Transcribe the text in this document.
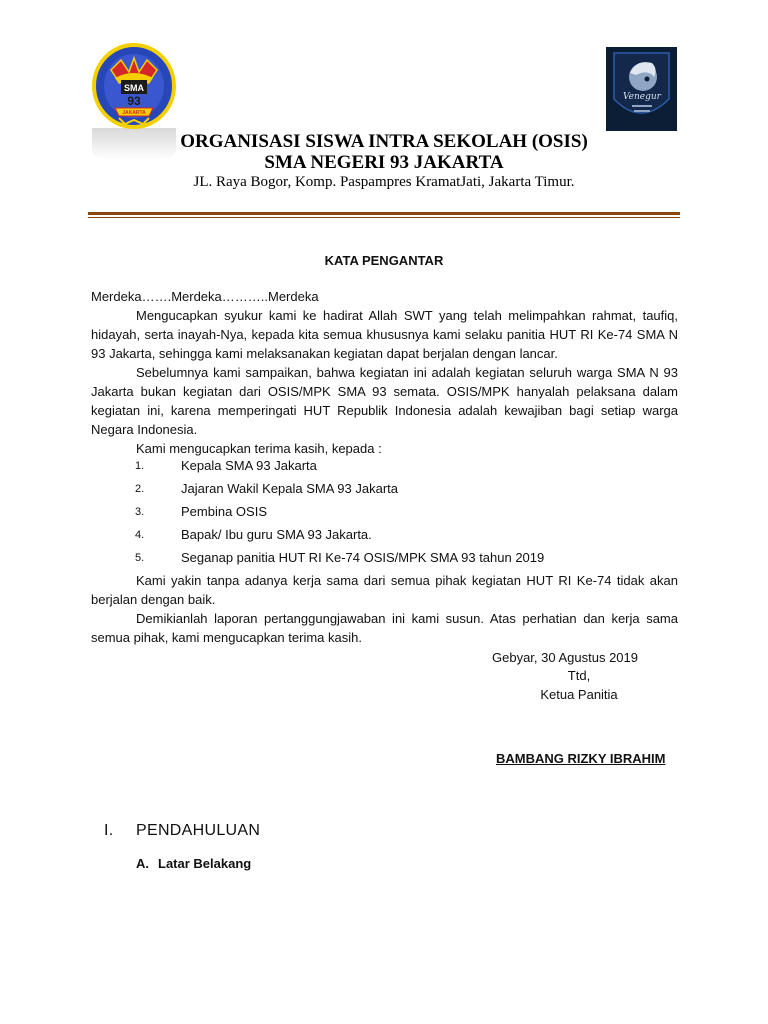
SMA
93
JAKARTA
Venegur
ORGANISASI SISWA INTRA SEKOLAH (OSIS)
SMA NEGERI 93 JAKARTA
JL. Raya Bogor, Komp. Paspampres KramatJati, Jakarta Timur.
KATA PENGANTAR

Merdeka…….Merdeka………..Merdeka

Mengucapkan syukur kami ke hadirat Allah SWT yang telah melimpahkan rahmat, taufiq, hidayah, serta inayah-Nya, kepada kita semua khususnya kami selaku panitia HUT RI Ke-74 SMA N 93 Jakarta, sehingga kami melaksanakan kegiatan dapat berjalan dengan lancar.

Sebelumnya kami sampaikan, bahwa kegiatan ini adalah kegiatan seluruh warga SMA N 93 Jakarta bukan kegiatan dari OSIS/MPK SMA 93 semata. OSIS/MPK hanyalah pelaksana dalam kegiatan ini, karena memperingati HUT Republik Indonesia adalah kewajiban bagi setiap warga Negara Indonesia.

Kami mengucapkan terima kasih, kepada :

1.	Kepala SMA 93 Jakarta
2.	Jajaran Wakil Kepala SMA 93 Jakarta
3.	Pembina OSIS
4.	Bapak/ Ibu guru SMA 93 Jakarta.
5.	Seganap panitia HUT RI Ke-74 OSIS/MPK SMA 93 tahun 2019

Kami yakin tanpa adanya kerja sama dari semua pihak kegiatan HUT RI Ke-74 tidak akan berjalan dengan baik.

Demikianlah laporan pertanggungjawaban ini kami susun. Atas perhatian dan kerja sama semua pihak, kami mengucapkan terima kasih.

Gebyar, 30 Agustus 2019
Ttd,
Ketua Panitia
BAMBANG RIZKY IBRAHIM
I. PENDAHULUAN
A. Latar Belakang
